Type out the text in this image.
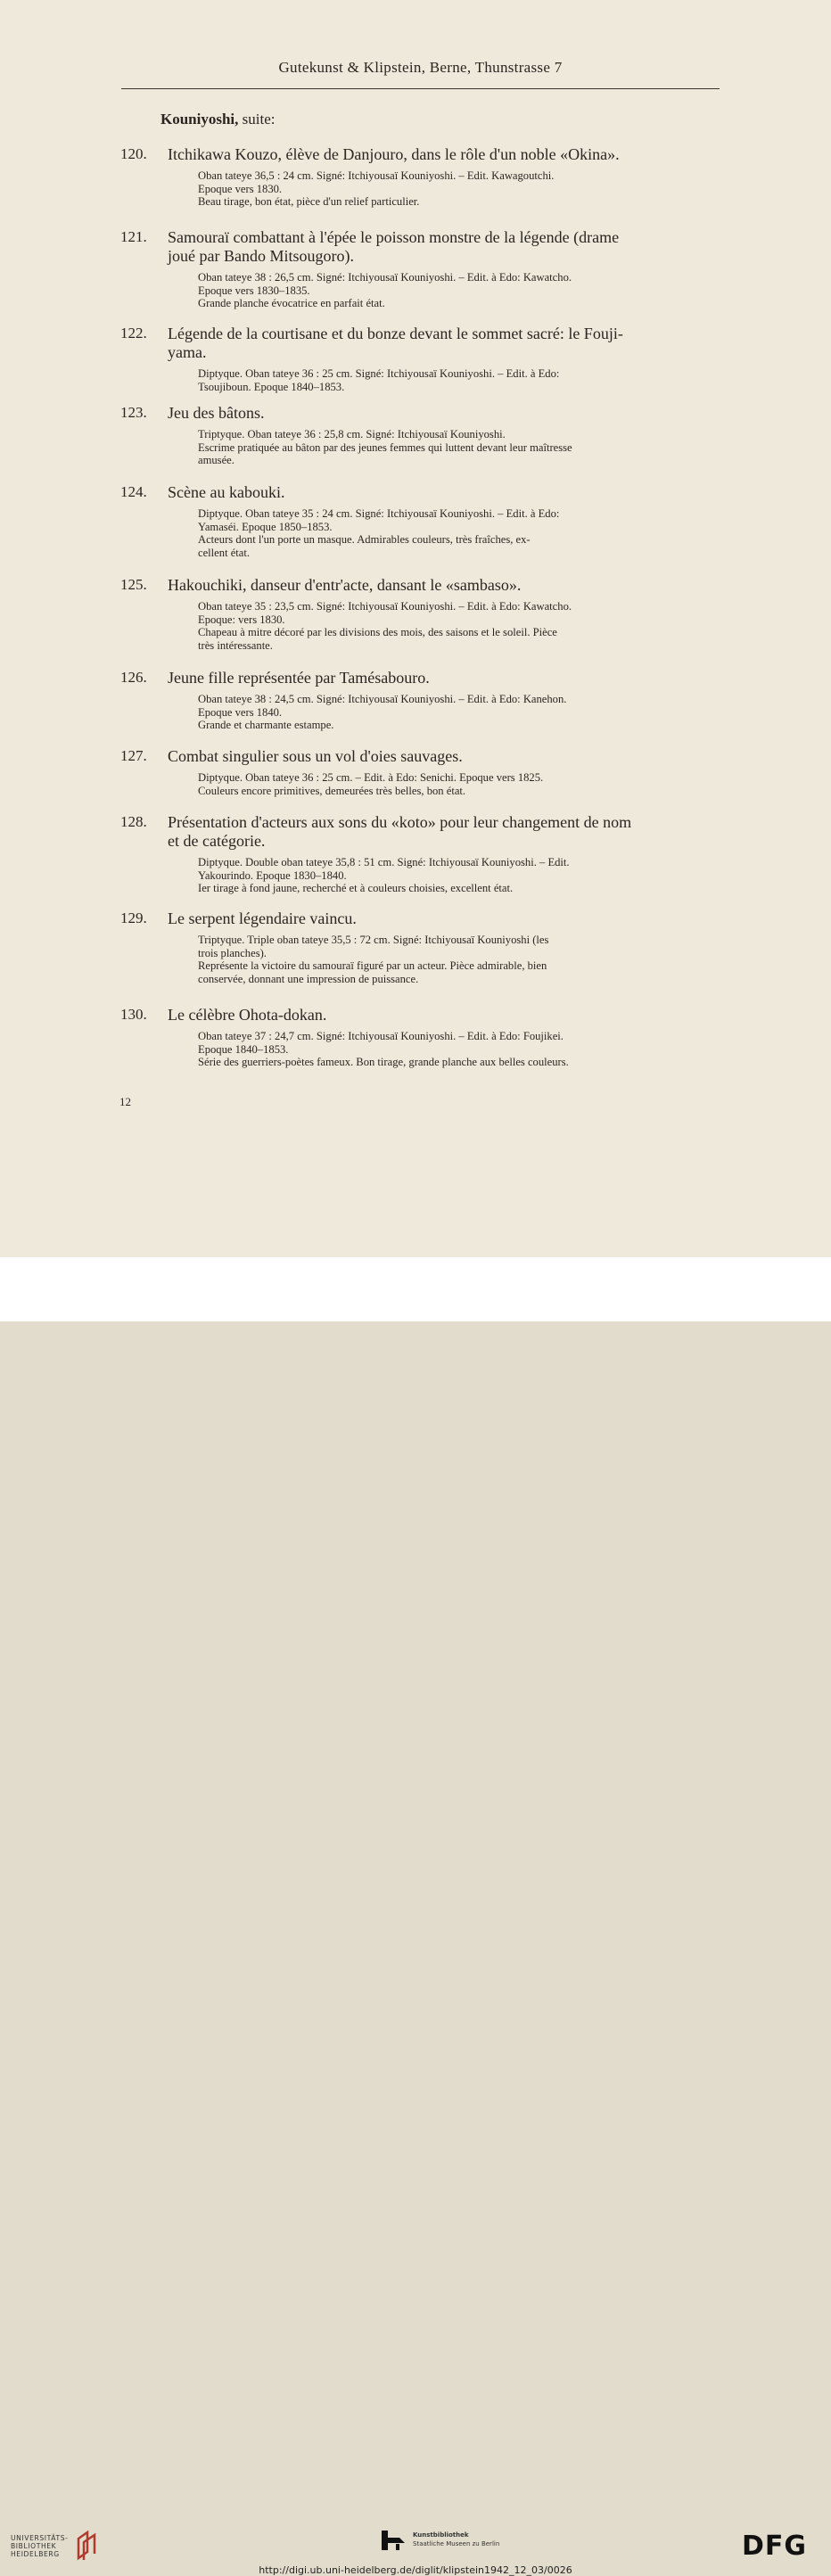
Gutekunst & Klipstein, Berne, Thunstrasse 7
Kouniyoshi, suite:
120. Itchikawa Kouzo, élève de Danjouro, dans le rôle d'un noble «Okina».
Oban tateye 36,5 : 24 cm. Signé: Itchiyousaï Kouniyoshi. – Edit. Kawagoutchi.
Epoque vers 1830.
Beau tirage, bon état, pièce d'un relief particulier.
121. Samouraï combattant à l'épée le poisson monstre de la légende (drame
joué par Bando Mitsougoro).
Oban tateye 38 : 26,5 cm. Signé: Itchiyousaï Kouniyoshi. – Edit. à Edo: Kawatcho.
Epoque vers 1830–1835.
Grande planche évocatrice en parfait état.
122. Légende de la courtisane et du bonze devant le sommet sacré: le Fouji-
yama.
Diptyque. Oban tateye 36 : 25 cm. Signé: Itchiyousaï Kouniyoshi. – Edit. à Edo:
Tsoujiboun. Epoque 1840–1853.
123. Jeu des bâtons.
Triptyque. Oban tateye 36 : 25,8 cm. Signé: Itchiyousaï Kouniyoshi.
Escrime pratiquée au bâton par des jeunes femmes qui luttent devant leur maîtresse
amusée.
124. Scène au kabouki.
Diptyque. Oban tateye 35 : 24 cm. Signé: Itchiyousaï Kouniyoshi. – Edit. à Edo:
Yamaséi. Epoque 1850–1853.
Acteurs dont l'un porte un masque. Admirables couleurs, très fraîches, ex-
cellent état.
125. Hakouchiki, danseur d'entr'acte, dansant le «sambaso».
Oban tateye 35 : 23,5 cm. Signé: Itchiyousaï Kouniyoshi. – Edit. à Edo: Kawatcho.
Epoque: vers 1830.
Chapeau à mitre décoré par les divisions des mois, des saisons et le soleil. Pièce
très intéressante.
126. Jeune fille représentée par Tamésabouro.
Oban tateye 38 : 24,5 cm. Signé: Itchiyousaï Kouniyoshi. – Edit. à Edo: Kanehon.
Epoque vers 1840.
Grande et charmante estampe.
127. Combat singulier sous un vol d'oies sauvages.
Diptyque. Oban tateye 36 : 25 cm. – Edit. à Edo: Senichi. Epoque vers 1825.
Couleurs encore primitives, demeurées très belles, bon état.
128. Présentation d'acteurs aux sons du «koto» pour leur changement de nom
et de catégorie.
Diptyque. Double oban tateye 35,8 : 51 cm. Signé: Itchiyousaï Kouniyoshi. – Edit.
Yakourindo. Epoque 1830–1840.
Ier tirage à fond jaune, recherché et à couleurs choisies, excellent état.
129. Le serpent légendaire vaincu.
Triptyque. Triple oban tateye 35,5 : 72 cm. Signé: Itchiyousaï Kouniyoshi (les
trois planches).
Représente la victoire du samouraï figuré par un acteur. Pièce admirable, bien
conservée, donnant une impression de puissance.
130. Le célèbre Ohota-dokan.
Oban tateye 37 : 24,7 cm. Signé: Itchiyousaï Kouniyoshi. – Edit. à Edo: Foujikei.
Epoque 1840–1853.
Série des guerriers-poètes fameux. Bon tirage, grande planche aux belles couleurs.
12
UNIVERSITÄTS-
BIBLIOTHEK
HEIDELBERG
Kunstbibliothek
Staatliche Museen zu Berlin	DFG
http://digi.ub.uni-heidelberg.de/diglit/klipstein1942_12_03/0026
